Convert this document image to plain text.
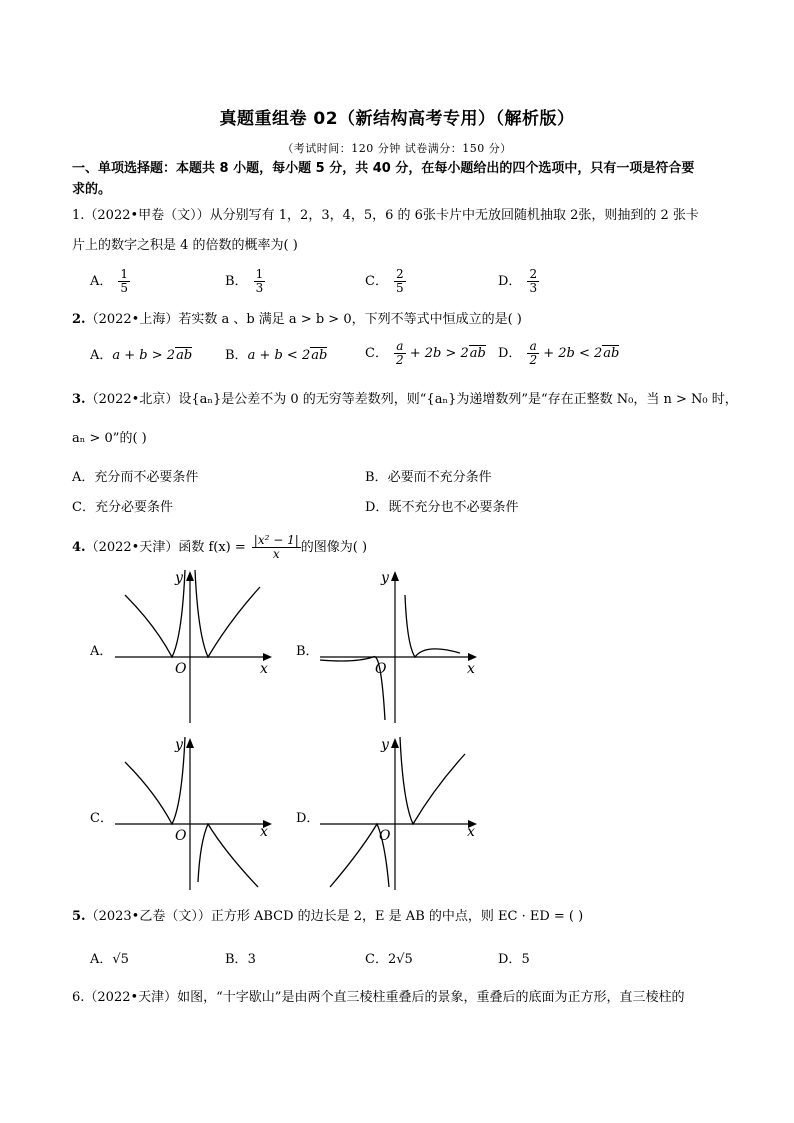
真题重组卷 02（新结构高考专用）（解析版）
（考试时间：120 分钟 试卷满分：150 分）
一、单项选择题：本题共 8 小题，每小题 5 分，共 40 分，在每小题给出的四个选项中，只有一项是符合要
求的。
1.（2022•甲卷（文））从分别写有 1，2，3，4，5，6 的 6张卡片中无放回随机抽取 2张，则抽到的 2 张卡
片上的数字之积是 4 的倍数的概率为( )
A． $\frac{1}{5}$	B． $\frac{1}{3}$	C． $\frac{2}{5}$	D． $\frac{2}{3}$
2.（2022•上海）若实数 a 、b 满足 a > b > 0，下列不等式中恒成立的是( )
A．a + b > 2ab	B．a + b < 2ab	C． $\frac{a}{2} + 2b > 2ab$ D． $\frac{a}{2} + 2b < 2ab$
3.（2022•北京）设{aₙ}是公差不为 0 的无穷等差数列，则“{aₙ}为递增数列”是“存在正整数 N₀，当 n > N₀ 时，
aₙ > 0”的( )
A．充分而不必要条件	B．必要而不充分条件
C．充分必要条件	D．既不充分也不必要条件
4.（2022•天津）函数 $f(x) = \frac{\text{|x² − 1|}}{x}$ 的图像为( )
A．
O	x
y
B．
O	x
y
C．
O	x
y
D．
O	x
y
5.（2023•乙卷（文））正方形 ABCD 的边长是 2，E 是 AB 的中点，则 EC · ED = ( )
A．√5	B．3	C．2√5	D．5
6.（2022•天津）如图，“十字歇山”是由两个直三棱柱重叠后的景象，重叠后的底面为正方形，直三棱柱的
